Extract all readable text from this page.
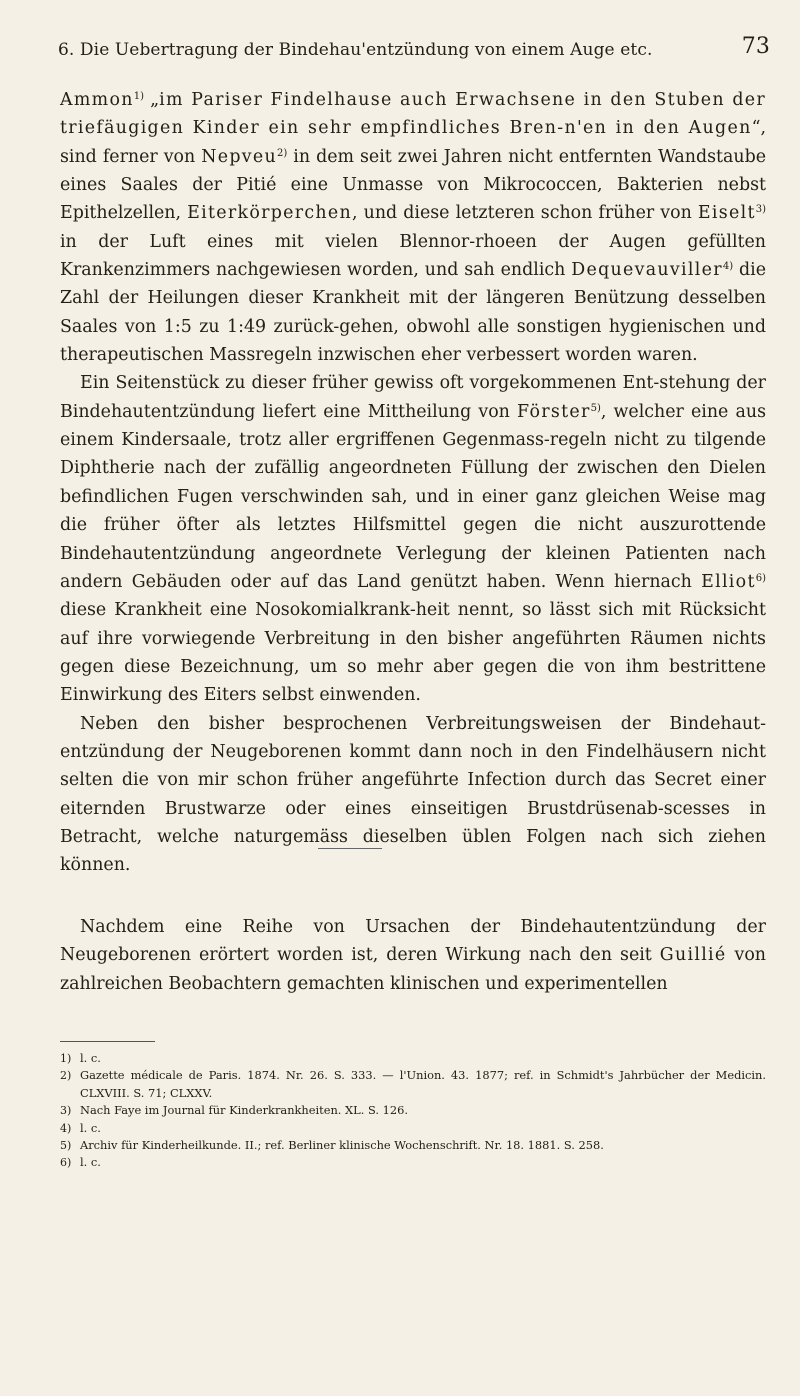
6. Die Uebertragung der Bindehau'entzündung von einem Auge etc.	73

Ammon$^{1)}$ „im Pariser Findelhause auch Erwachsene in den Stuben der triefäugigen Kinder ein sehr empfindliches Bren-n'en in den Augen“, sind ferner von Nepveu$^{2)}$ in dem seit zwei Jahren nicht entfernten Wandstaube eines Saales der Pitié eine Unmasse von Mikrococcen, Bakterien nebst Epithelzellen, Eiterkörperchen, und diese letzteren schon früher von Eiselt$^{3)}$ in der Luft eines mit vielen Blennor-rhoeen der Augen gefüllten Krankenzimmers nachgewiesen worden, und sah endlich Dequevauviller$^{4)}$ die Zahl der Heilungen dieser Krankheit mit der längeren Benützung desselben Saales von 1:5 zu 1:49 zurück-gehen, obwohl alle sonstigen hygienischen und therapeutischen Massregeln inzwischen eher verbessert worden waren.

Ein Seitenstück zu dieser früher gewiss oft vorgekommenen Ent-stehung der Bindehautentzündung liefert eine Mittheilung von Förster$^{5)}$, welcher eine aus einem Kindersaale, trotz aller ergriffenen Gegenmass-regeln nicht zu tilgende Diphtherie nach der zufällig angeordneten Füllung der zwischen den Dielen befindlichen Fugen verschwinden sah, und in einer ganz gleichen Weise mag die früher öfter als letztes Hilfsmittel gegen die nicht auszurottende Bindehautentzündung angeordnete Verlegung der kleinen Patienten nach andern Gebäuden oder auf das Land genützt haben. Wenn hiernach Elliot$^{6)}$ diese Krankheit eine Nosokomialkrank-heit nennt, so lässt sich mit Rücksicht auf ihre vorwiegende Verbreitung in den bisher angeführten Räumen nichts gegen diese Bezeichnung, um so mehr aber gegen die von ihm bestrittene Einwirkung des Eiters selbst einwenden.

Neben den bisher besprochenen Verbreitungsweisen der Bindehaut-entzündung der Neugeborenen kommt dann noch in den Findelhäusern nicht selten die von mir schon früher angeführte Infection durch das Secret einer eiternden Brustwarze oder eines einseitigen Brustdrüsenab-scesses in Betracht, welche naturgemäss dieselben üblen Folgen nach sich ziehen können.

Nachdem eine Reihe von Ursachen der Bindehautentzündung der Neugeborenen erörtert worden ist, deren Wirkung nach den seit Guillié von zahlreichen Beobachtern gemachten klinischen und experimentellen

1) l. c.

2) Gazette médicale de Paris. 1874. Nr. 26. S. 333. — l'Union. 43. 1877; ref. in Schmidt's Jahrbücher der Medicin. CLXVIII. S. 71; CLXXV.

3) Nach Faye im Journal für Kinderkrankheiten. XL. S. 126.

4) l. c.

5) Archiv für Kinderheilkunde. II.; ref. Berliner klinische Wochenschrift. Nr. 18. 1881. S. 258.

6) l. c.
